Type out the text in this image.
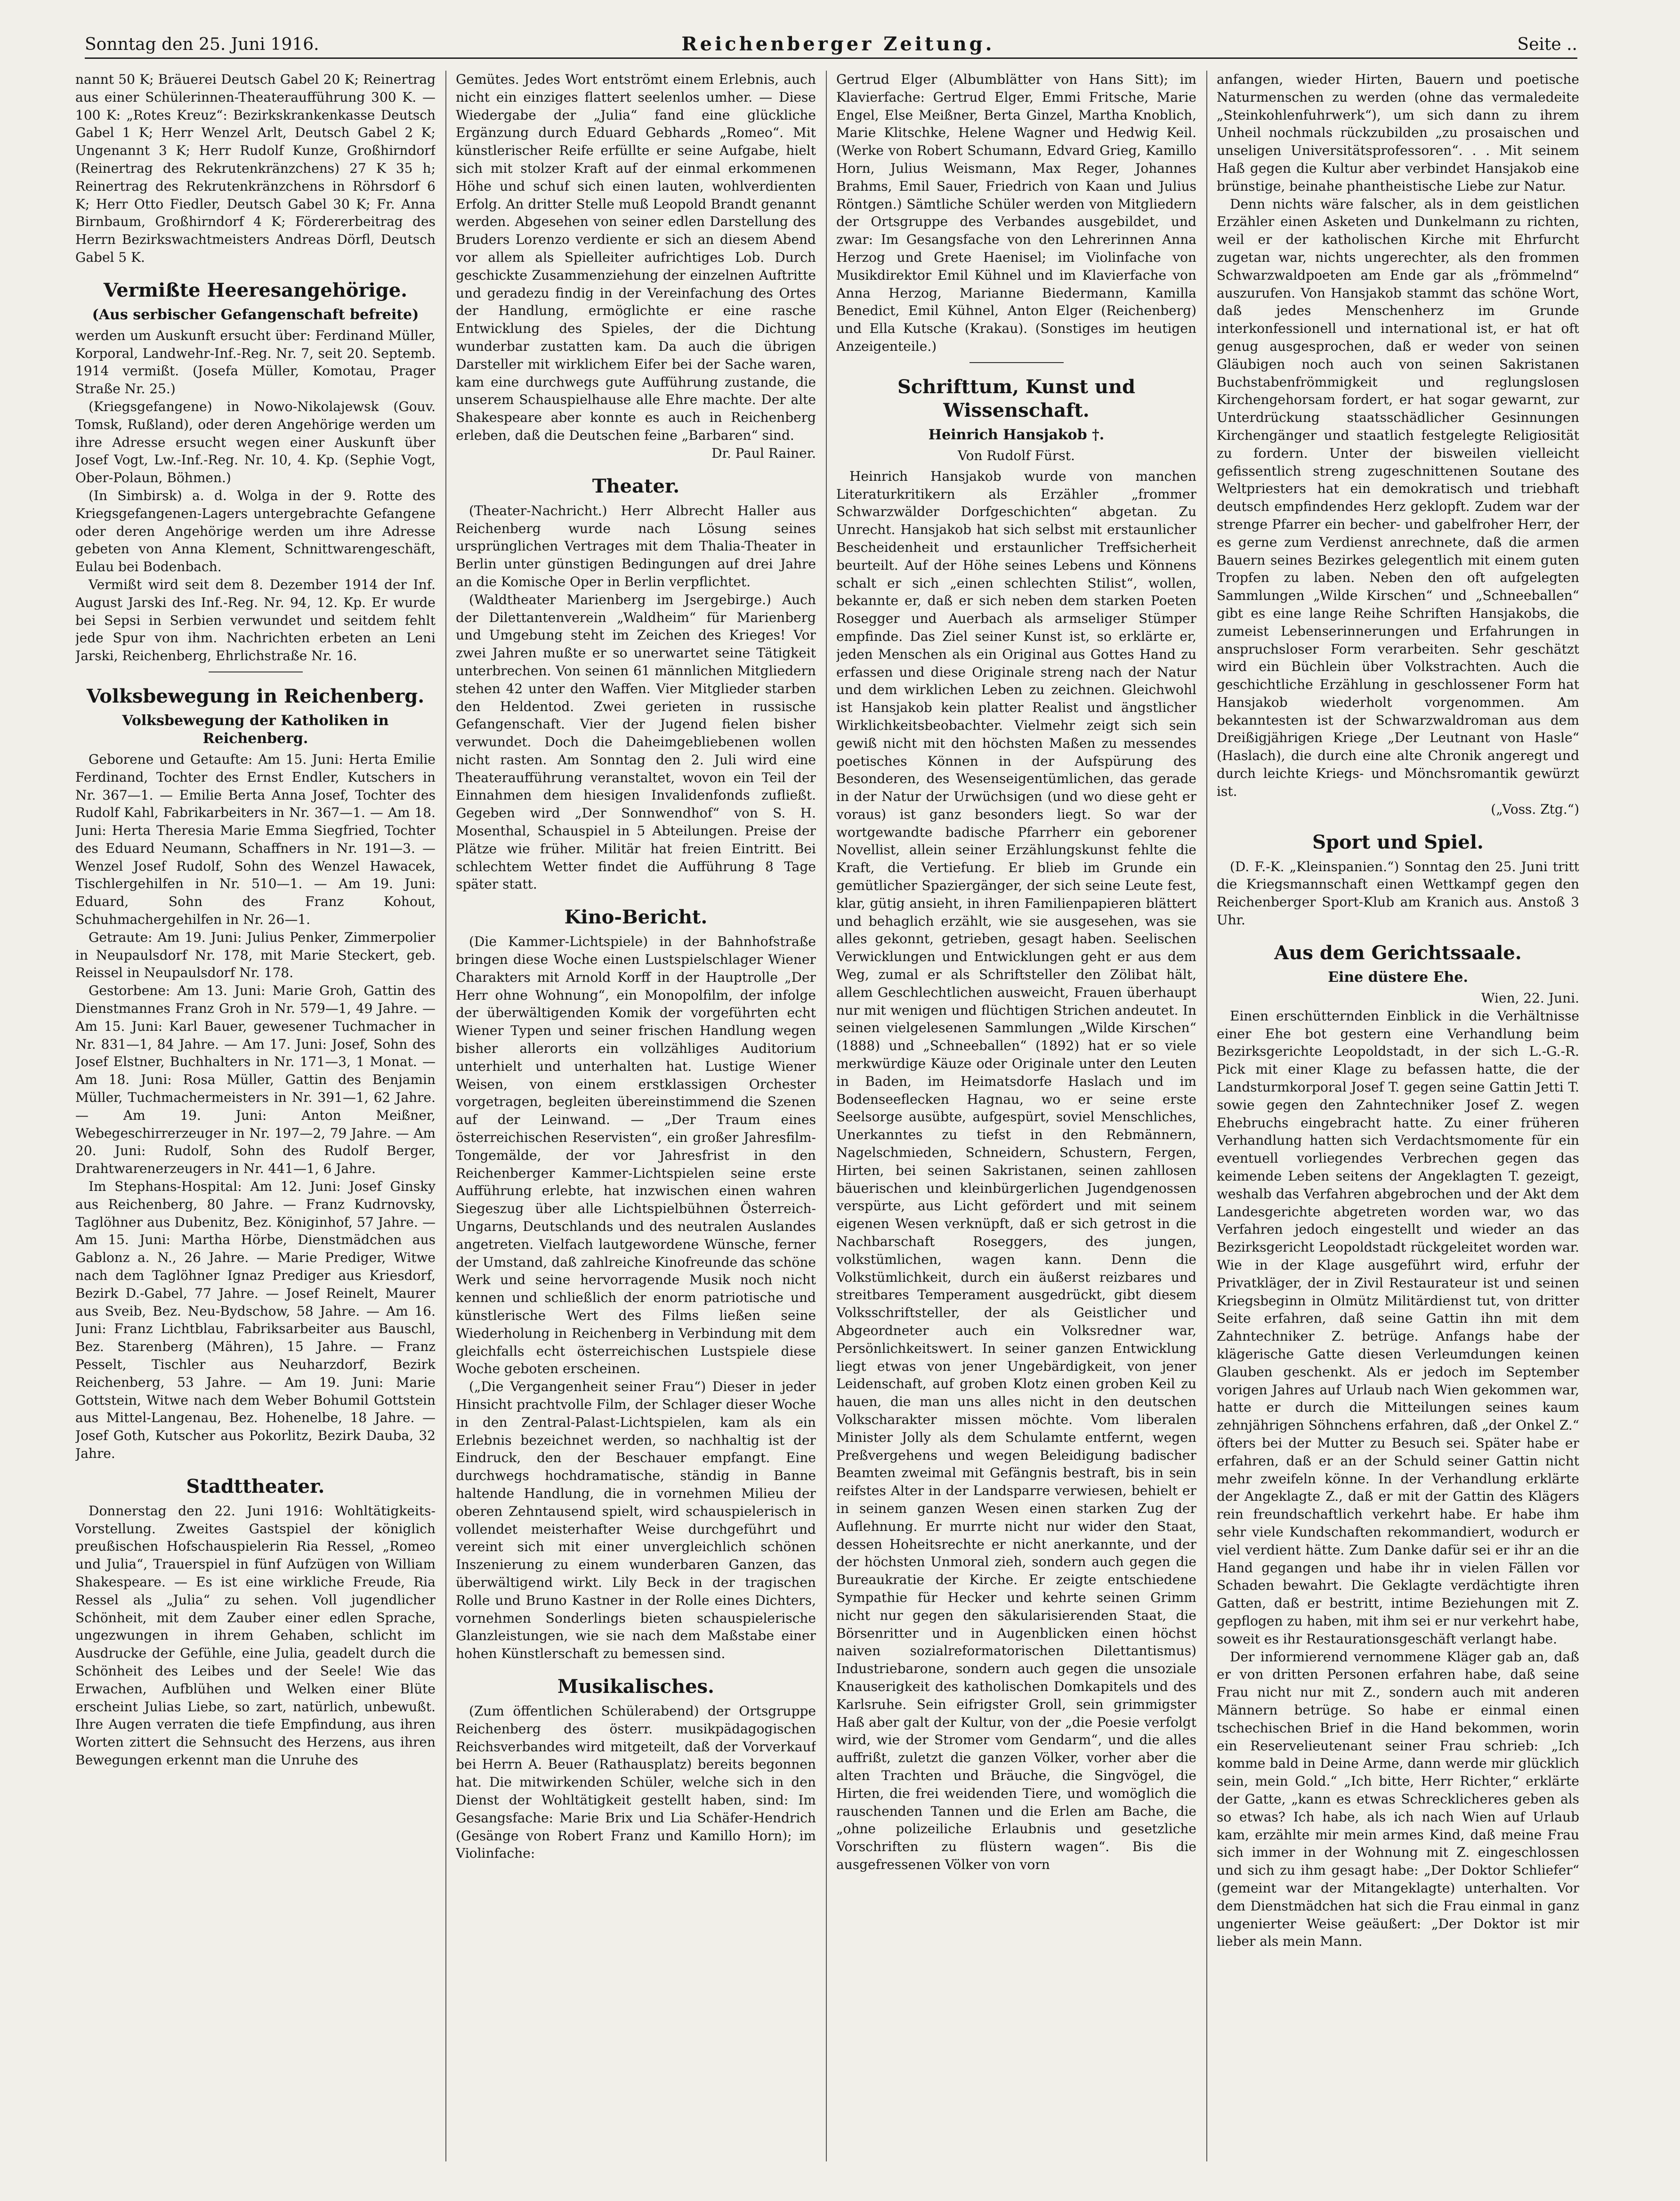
Sonntag den 25. Juni 1916.	Reichenberger Zeitung.	Seite ..

nannt 50 K; Bräuerei Deutsch Gabel 20 K; Reinertrag aus einer Schülerinnen-Theateraufführung 300 K. — 100 K: „Rotes Kreuz“: Bezirkskrankenkasse Deutsch Gabel 1 K; Herr Wenzel Arlt, Deutsch Gabel 2 K; Ungenannt 3 K; Herr Rudolf Kunze, Großhirndorf (Reinertrag des Rekrutenkränzchens) 27 K 35 h; Reinertrag des Rekrutenkränzchens in Röhrsdorf 6 K; Herr Otto Fiedler, Deutsch Gabel 30 K; Fr. Anna Birnbaum, Großhirndorf 4 K; Fördererbeitrag des Herrn Bezirkswachtmeisters Andreas Dörfl, Deutsch Gabel 5 K.

Vermißte Heeresangehörige.
(Aus serbischer Gefangenschaft befreite)

werden um Auskunft ersucht über: Ferdinand Müller, Korporal, Landwehr-Inf.-Reg. Nr. 7, seit 20. Septemb. 1914 vermißt. (Josefa Müller, Komotau, Prager Straße Nr. 25.)

(Kriegsgefangene) in Nowo-Nikolajewsk (Gouv. Tomsk, Rußland), oder deren Angehörige werden um ihre Adresse ersucht wegen einer Auskunft über Josef Vogt, Lw.-Inf.-Reg. Nr. 10, 4. Kp. (Sephie Vogt, Ober-Polaun, Böhmen.)

(In Simbirsk) a. d. Wolga in der 9. Rotte des Kriegsgefangenen-Lagers untergebrachte Gefangene oder deren Angehörige werden um ihre Adresse gebeten von Anna Klement, Schnittwarengeschäft, Eulau bei Bodenbach.

Vermißt wird seit dem 8. Dezember 1914 der Inf. August Jarski des Inf.-Reg. Nr. 94, 12. Kp. Er wurde bei Sepsi in Serbien verwundet und seitdem fehlt jede Spur von ihm. Nachrichten erbeten an Leni Jarski, Reichenberg, Ehrlichstraße Nr. 16.

Volksbewegung in Reichenberg.
Volksbewegung der Katholiken in Reichenberg.

Geborene und Getaufte: Am 15. Juni: Herta Emilie Ferdinand, Tochter des Ernst Endler, Kutschers in Nr. 367—1. — Emilie Berta Anna Josef, Tochter des Rudolf Kahl, Fabrikarbeiters in Nr. 367—1. — Am 18. Juni: Herta Theresia Marie Emma Siegfried, Tochter des Eduard Neumann, Schaffners in Nr. 191—3. — Wenzel Josef Rudolf, Sohn des Wenzel Hawacek, Tischlergehilfen in Nr. 510—1. — Am 19. Juni: Eduard, Sohn des Franz Kohout, Schuhmachergehilfen in Nr. 26—1.

Getraute: Am 19. Juni: Julius Penker, Zimmerpolier in Neupaulsdorf Nr. 178, mit Marie Steckert, geb. Reissel in Neupaulsdorf Nr. 178.

Gestorbene: Am 13. Juni: Marie Groh, Gattin des Dienstmannes Franz Groh in Nr. 579—1, 49 Jahre. — Am 15. Juni: Karl Bauer, gewesener Tuchmacher in Nr. 831—1, 84 Jahre. — Am 17. Juni: Josef, Sohn des Josef Elstner, Buchhalters in Nr. 171—3, 1 Monat. — Am 18. Juni: Rosa Müller, Gattin des Benjamin Müller, Tuchmachermeisters in Nr. 391—1, 62 Jahre. — Am 19. Juni: Anton Meißner, Webegeschirrerzeuger in Nr. 197—2, 79 Jahre. — Am 20. Juni: Rudolf, Sohn des Rudolf Berger, Drahtwarenerzeugers in Nr. 441—1, 6 Jahre.

Im Stephans-Hospital: Am 12. Juni: Josef Ginsky aus Reichenberg, 80 Jahre. — Franz Kudrnovsky, Taglöhner aus Dubenitz, Bez. Königinhof, 57 Jahre. — Am 15. Juni: Martha Hörbe, Dienstmädchen aus Gablonz a. N., 26 Jahre. — Marie Prediger, Witwe nach dem Taglöhner Ignaz Prediger aus Kriesdorf, Bezirk D.-Gabel, 77 Jahre. — Josef Reinelt, Maurer aus Sveib, Bez. Neu-Bydschow, 58 Jahre. — Am 16. Juni: Franz Lichtblau, Fabriksarbeiter aus Bauschl, Bez. Starenberg (Mähren), 15 Jahre. — Franz Pesselt, Tischler aus Neuharzdorf, Bezirk Reichenberg, 53 Jahre. — Am 19. Juni: Marie Gottstein, Witwe nach dem Weber Bohumil Gottstein aus Mittel-Langenau, Bez. Hohenelbe, 18 Jahre. — Josef Goth, Kutscher aus Pokorlitz, Bezirk Dauba, 32 Jahre.

Stadttheater.

Donnerstag den 22. Juni 1916: Wohltätigkeits-Vorstellung. Zweites Gastspiel der königlich preußischen Hofschauspielerin Ria Ressel, „Romeo und Julia“, Trauerspiel in fünf Aufzügen von William Shakespeare. — Es ist eine wirkliche Freude, Ria Ressel als „Julia“ zu sehen. Voll jugendlicher Schönheit, mit dem Zauber einer edlen Sprache, ungezwungen in ihrem Gehaben, schlicht im Ausdrucke der Gefühle, eine Julia, geadelt durch die Schönheit des Leibes und der Seele! Wie das Erwachen, Aufblühen und Welken einer Blüte erscheint Julias Liebe, so zart, natürlich, unbewußt. Ihre Augen verraten die tiefe Empfindung, aus ihren Worten zittert die Sehnsucht des Herzens, aus ihren Bewegungen erkennt man die Unruhe des

Gemütes. Jedes Wort entströmt einem Erlebnis, auch nicht ein einziges flattert seelenlos umher. — Diese Wiedergabe der „Julia“ fand eine glückliche Ergänzung durch Eduard Gebhards „Romeo“. Mit künstlerischer Reife erfüllte er seine Aufgabe, hielt sich mit stolzer Kraft auf der einmal erkommenen Höhe und schuf sich einen lauten, wohlverdienten Erfolg. An dritter Stelle muß Leopold Brandt genannt werden. Abgesehen von seiner edlen Darstellung des Bruders Lorenzo verdiente er sich an diesem Abend vor allem als Spielleiter aufrichtiges Lob. Durch geschickte Zusammenziehung der einzelnen Auftritte und geradezu findig in der Vereinfachung des Ortes der Handlung, ermöglichte er eine rasche Entwicklung des Spieles, der die Dichtung wunderbar zustatten kam. Da auch die übrigen Darsteller mit wirklichem Eifer bei der Sache waren, kam eine durchwegs gute Aufführung zustande, die unserem Schauspielhause alle Ehre machte. Der alte Shakespeare aber konnte es auch in Reichenberg erleben, daß die Deutschen feine „Barbaren“ sind.

Dr. Paul Rainer.
Theater.

(Theater-Nachricht.) Herr Albrecht Haller aus Reichenberg wurde nach Lösung seines ursprünglichen Vertrages mit dem Thalia-Theater in Berlin unter günstigen Bedingungen auf drei Jahre an die Komische Oper in Berlin verpflichtet.

(Waldtheater Marienberg im Jsergebirge.) Auch der Dilettantenverein „Waldheim“ für Marienberg und Umgebung steht im Zeichen des Krieges! Vor zwei Jahren mußte er so unerwartet seine Tätigkeit unterbrechen. Von seinen 61 männlichen Mitgliedern stehen 42 unter den Waffen. Vier Mitglieder starben den Heldentod. Zwei gerieten in russische Gefangenschaft. Vier der Jugend fielen bisher verwundet. Doch die Daheimgebliebenen wollen nicht rasten. Am Sonntag den 2. Juli wird eine Theateraufführung veranstaltet, wovon ein Teil der Einnahmen dem hiesigen Invalidenfonds zufließt. Gegeben wird „Der Sonnwendhof“ von S. H. Mosenthal, Schauspiel in 5 Abteilungen. Preise der Plätze wie früher. Militär hat freien Eintritt. Bei schlechtem Wetter findet die Aufführung 8 Tage später statt.

Kino-Bericht.

(Die Kammer-Lichtspiele) in der Bahnhofstraße bringen diese Woche einen Lustspielschlager Wiener Charakters mit Arnold Korff in der Hauptrolle „Der Herr ohne Wohnung“, ein Monopolfilm, der infolge der überwältigenden Komik der vorgeführten echt Wiener Typen und seiner frischen Handlung wegen bisher allerorts ein vollzähliges Auditorium unterhielt und unterhalten hat. Lustige Wiener Weisen, von einem erstklassigen Orchester vorgetragen, begleiten übereinstimmend die Szenen auf der Leinwand. — „Der Traum eines österreichischen Reservisten“, ein großer Jahresfilm-Tongemälde, der vor Jahresfrist in den Reichenberger Kammer-Lichtspielen seine erste Aufführung erlebte, hat inzwischen einen wahren Siegeszug über alle Lichtspielbühnen Österreich-Ungarns, Deutschlands und des neutralen Auslandes angetreten. Vielfach lautgewordene Wünsche, ferner der Umstand, daß zahlreiche Kinofreunde das schöne Werk und seine hervorragende Musik noch nicht kennen und schließlich der enorm patriotische und künstlerische Wert des Films ließen seine Wiederholung in Reichenberg in Verbindung mit dem gleichfalls echt österreichischen Lustspiele diese Woche geboten erscheinen.

(„Die Vergangenheit seiner Frau“) Dieser in jeder Hinsicht prachtvolle Film, der Schlager dieser Woche in den Zentral-Palast-Lichtspielen, kam als ein Erlebnis bezeichnet werden, so nachhaltig ist der Eindruck, den der Beschauer empfangt. Eine durchwegs hochdramatische, ständig in Banne haltende Handlung, die in vornehmen Milieu der oberen Zehntausend spielt, wird schauspielerisch in vollendet meisterhafter Weise durchgeführt und vereint sich mit einer unvergleichlich schönen Inszenierung zu einem wunderbaren Ganzen, das überwältigend wirkt. Lily Beck in der tragischen Rolle und Bruno Kastner in der Rolle eines Dichters, vornehmen Sonderlings bieten schauspielerische Glanzleistungen, wie sie nach dem Maßstabe einer hohen Künstlerschaft zu bemessen sind.

Musikalisches.

(Zum öffentlichen Schülerabend) der Ortsgruppe Reichenberg des österr. musikpädagogischen Reichsverbandes wird mitgeteilt, daß der Vorverkauf bei Herrn A. Beuer (Rathausplatz) bereits begonnen hat. Die mitwirkenden Schüler, welche sich in den Dienst der Wohltätigkeit gestellt haben, sind: Im Gesangsfache: Marie Brix und Lia Schäfer-Hendrich (Gesänge von Robert Franz und Kamillo Horn); im Violinfache:

Gertrud Elger (Albumblätter von Hans Sitt); im Klavierfache: Gertrud Elger, Emmi Fritsche, Marie Engel, Else Meißner, Berta Ginzel, Martha Knoblich, Marie Klitschke, Helene Wagner und Hedwig Keil. (Werke von Robert Schumann, Edvard Grieg, Kamillo Horn, Julius Weismann, Max Reger, Johannes Brahms, Emil Sauer, Friedrich von Kaan und Julius Röntgen.) Sämtliche Schüler werden von Mitgliedern der Ortsgruppe des Verbandes ausgebildet, und zwar: Im Gesangsfache von den Lehrerinnen Anna Herzog und Grete Haenisel; im Violinfache von Musikdirektor Emil Kühnel und im Klavierfache von Anna Herzog, Marianne Biedermann, Kamilla Benedict, Emil Kühnel, Anton Elger (Reichenberg) und Ella Kutsche (Krakau). (Sonstiges im heutigen Anzeigenteile.)

Schrifttum, Kunst und Wissenschaft.
Heinrich Hansjakob †.
Von Rudolf Fürst.

Heinrich Hansjakob wurde von manchen Literaturkritikern als Erzähler „frommer Schwarzwälder Dorfgeschichten“ abgetan. Zu Unrecht. Hansjakob hat sich selbst mit erstaunlicher Bescheidenheit und erstaunlicher Treffsicherheit beurteilt. Auf der Höhe seines Lebens und Könnens schalt er sich „einen schlechten Stilist“, wollen, bekannte er, daß er sich neben dem starken Poeten Rosegger und Auerbach als armseliger Stümper empfinde. Das Ziel seiner Kunst ist, so erklärte er, jeden Menschen als ein Original aus Gottes Hand zu erfassen und diese Originale streng nach der Natur und dem wirklichen Leben zu zeichnen. Gleichwohl ist Hansjakob kein platter Realist und ängstlicher Wirklichkeitsbeobachter. Vielmehr zeigt sich sein gewiß nicht mit den höchsten Maßen zu messendes poetisches Können in der Aufspürung des Besonderen, des Wesenseigentümlichen, das gerade in der Natur der Urwüchsigen (und wo diese geht er voraus) ist ganz besonders liegt. So war der wortgewandte badische Pfarrherr ein geborener Novellist, allein seiner Erzählungskunst fehlte die Kraft, die Vertiefung. Er blieb im Grunde ein gemütlicher Spaziergänger, der sich seine Leute fest, klar, gütig ansieht, in ihren Familienpapieren blättert und behaglich erzählt, wie sie ausgesehen, was sie alles gekonnt, getrieben, gesagt haben. Seelischen Verwicklungen und Entwicklungen geht er aus dem Weg, zumal er als Schriftsteller den Zölibat hält, allem Geschlechtlichen ausweicht, Frauen überhaupt nur mit wenigen und flüchtigen Strichen andeutet. In seinen vielgelesenen Sammlungen „Wilde Kirschen“ (1888) und „Schneeballen“ (1892) hat er so viele merkwürdige Käuze oder Originale unter den Leuten in Baden, im Heimatsdorfe Haslach und im Bodenseeflecken Hagnau, wo er seine erste Seelsorge ausübte, aufgespürt, soviel Menschliches, Unerkanntes zu tiefst in den Rebmännern, Nagelschmieden, Schneidern, Schustern, Fergen, Hirten, bei seinen Sakristanen, seinen zahllosen bäuerischen und kleinbürgerlichen Jugendgenossen verspürte, aus Licht gefördert und mit seinem eigenen Wesen verknüpft, daß er sich getrost in die Nachbarschaft Roseggers, des jungen, volkstümlichen, wagen kann. Denn die Volkstümlichkeit, durch ein äußerst reizbares und streitbares Temperament ausgedrückt, gibt diesem Volksschriftsteller, der als Geistlicher und Abgeordneter auch ein Volksredner war, Persönlichkeitswert. In seiner ganzen Entwicklung liegt etwas von jener Ungebärdigkeit, von jener Leidenschaft, auf groben Klotz einen groben Keil zu hauen, die man uns alles nicht in den deutschen Volkscharakter missen möchte. Vom liberalen Minister Jolly als dem Schulamte entfernt, wegen Preßvergehens und wegen Beleidigung badischer Beamten zweimal mit Gefängnis bestraft, bis in sein reifstes Alter in der Landsparre verwiesen, behielt er in seinem ganzen Wesen einen starken Zug der Auflehnung. Er murrte nicht nur wider den Staat, dessen Hoheitsrechte er nicht anerkannte, und der der höchsten Unmoral zieh, sondern auch gegen die Bureaukratie der Kirche. Er zeigte entschiedene Sympathie für Hecker und kehrte seinen Grimm nicht nur gegen den säkularisierenden Staat, die Börsenritter und in Augenblicken einen höchst naiven sozialreformatorischen Dilettantismus) Industriebarone, sondern auch gegen die unsoziale Knauserigkeit des katholischen Domkapitels und des Karlsruhe. Sein eifrigster Groll, sein grimmigster Haß aber galt der Kultur, von der „die Poesie verfolgt wird, wie der Stromer vom Gendarm“, und die alles auffrißt, zuletzt die ganzen Völker, vorher aber die alten Trachten und Bräuche, die Singvögel, die Hirten, die frei weidenden Tiere, und womöglich die rauschenden Tannen und die Erlen am Bache, die „ohne polizeiliche Erlaubnis und gesetzliche Vorschriften zu flüstern wagen“. Bis die ausgefressenen Völker von vorn

anfangen, wieder Hirten, Bauern und poetische Naturmenschen zu werden (ohne das vermaledeite „Steinkohlenfuhrwerk“), um sich dann zu ihrem Unheil nochmals rückzubilden „zu prosaischen und unseligen Universitätsprofessoren“. . . Mit seinem Haß gegen die Kultur aber verbindet Hansjakob eine brünstige, beinahe phantheistische Liebe zur Natur.

Denn nichts wäre falscher, als in dem geistlichen Erzähler einen Asketen und Dunkelmann zu richten, weil er der katholischen Kirche mit Ehrfurcht zugetan war, nichts ungerechter, als den frommen Schwarzwaldpoeten am Ende gar als „frömmelnd“ auszurufen. Von Hansjakob stammt das schöne Wort, daß jedes Menschenherz im Grunde interkonfessionell und international ist, er hat oft genug ausgesprochen, daß er weder von seinen Gläubigen noch auch von seinen Sakristanen Buchstabenfrömmigkeit und reglungslosen Kirchengehorsam fordert, er hat sogar gewarnt, zur Unterdrückung staatsschädlicher Gesinnungen Kirchengänger und staatlich festgelegte Religiosität zu fordern. Unter der bisweilen vielleicht gefissentlich streng zugeschnittenen Soutane des Weltpriesters hat ein demokratisch und triebhaft deutsch empfindendes Herz geklopft. Zudem war der strenge Pfarrer ein becher- und gabelfroher Herr, der es gerne zum Verdienst anrechnete, daß die armen Bauern seines Bezirkes gelegentlich mit einem guten Tropfen zu laben. Neben den oft aufgelegten Sammlungen „Wilde Kirschen“ und „Schneeballen“ gibt es eine lange Reihe Schriften Hansjakobs, die zumeist Lebenserinnerungen und Erfahrungen in anspruchsloser Form verarbeiten. Sehr geschätzt wird ein Büchlein über Volkstrachten. Auch die geschichtliche Erzählung in geschlossener Form hat Hansjakob wiederholt vorgenommen. Am bekanntesten ist der Schwarzwaldroman aus dem Dreißigjährigen Kriege „Der Leutnant von Hasle“ (Haslach), die durch eine alte Chronik angeregt und durch leichte Kriegs- und Mönchsromantik gewürzt ist.

(„Voss. Ztg.“)
Sport und Spiel.

(D. F.-K. „Kleinspanien.“) Sonntag den 25. Juni tritt die Kriegsmannschaft einen Wettkampf gegen den Reichenberger Sport-Klub am Kranich aus. Anstoß 3 Uhr.

Aus dem Gerichtssaale.
Eine düstere Ehe.
Wien, 22. Juni.

Einen erschütternden Einblick in die Verhältnisse einer Ehe bot gestern eine Verhandlung beim Bezirksgerichte Leopoldstadt, in der sich L.-G.-R. Pick mit einer Klage zu befassen hatte, die der Landsturmkorporal Josef T. gegen seine Gattin Jetti T. sowie gegen den Zahntechniker Josef Z. wegen Ehebruchs eingebracht hatte. Zu einer früheren Verhandlung hatten sich Verdachtsmomente für ein eventuell vorliegendes Verbrechen gegen das keimende Leben seitens der Angeklagten T. gezeigt, weshalb das Verfahren abgebrochen und der Akt dem Landesgerichte abgetreten worden war, wo das Verfahren jedoch eingestellt und wieder an das Bezirksgericht Leopoldstadt rückgeleitet worden war. Wie in der Klage ausgeführt wird, erfuhr der Privatkläger, der in Zivil Restaurateur ist und seinen Kriegsbeginn in Olmütz Militärdienst tut, von dritter Seite erfahren, daß seine Gattin ihn mit dem Zahntechniker Z. betrüge. Anfangs habe der klägerische Gatte diesen Verleumdungen keinen Glauben geschenkt. Als er jedoch im September vorigen Jahres auf Urlaub nach Wien gekommen war, hatte er durch die Mitteilungen seines kaum zehnjährigen Söhnchens erfahren, daß „der Onkel Z.“ öfters bei der Mutter zu Besuch sei. Später habe er erfahren, daß er an der Schuld seiner Gattin nicht mehr zweifeln könne. In der Verhandlung erklärte der Angeklagte Z., daß er mit der Gattin des Klägers rein freundschaftlich verkehrt habe. Er habe ihm sehr viele Kundschaften rekommandiert, wodurch er viel verdient hätte. Zum Danke dafür sei er ihr an die Hand gegangen und habe ihr in vielen Fällen vor Schaden bewahrt. Die Geklagte verdächtigte ihren Gatten, daß er bestritt, intime Beziehungen mit Z. gepflogen zu haben, mit ihm sei er nur verkehrt habe, soweit es ihr Restaurationsgeschäft verlangt habe.

Der informierend vernommene Kläger gab an, daß er von dritten Personen erfahren habe, daß seine Frau nicht nur mit Z., sondern auch mit anderen Männern betrüge. So habe er einmal einen tschechischen Brief in die Hand bekommen, worin ein Reservelieutenant seiner Frau schrieb: „Ich komme bald in Deine Arme, dann werde mir glücklich sein, mein Gold.“ „Ich bitte, Herr Richter,“ erklärte der Gatte, „kann es etwas Schrecklicheres geben als so etwas? Ich habe, als ich nach Wien auf Urlaub kam, erzählte mir mein armes Kind, daß meine Frau sich immer in der Wohnung mit Z. eingeschlossen und sich zu ihm gesagt habe: „Der Doktor Schliefer“ (gemeint war der Mitangeklagte) unterhalten. Vor dem Dienstmädchen hat sich die Frau einmal in ganz ungenierter Weise geäußert: „Der Doktor ist mir lieber als mein Mann.
